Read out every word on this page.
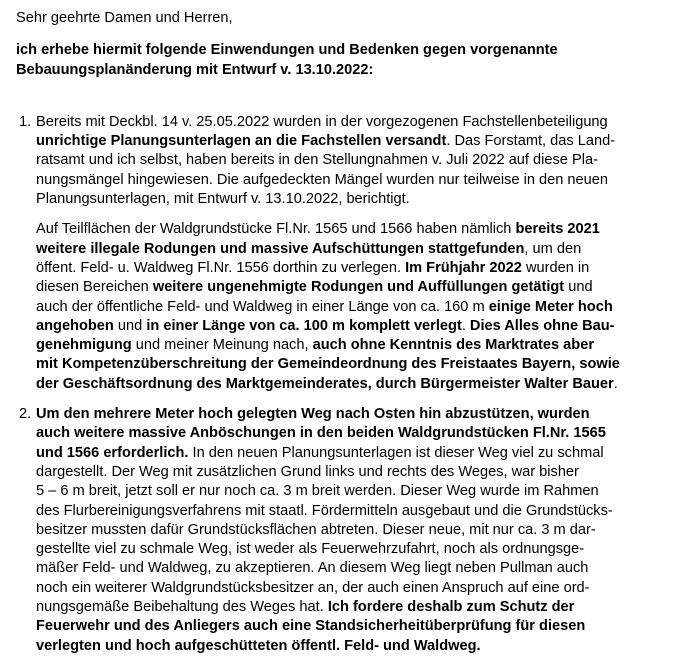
Sehr geehrte Damen und Herren,
ich erhebe hiermit folgende Einwendungen und Bedenken gegen vorgenannte
Bebauungsplanänderung mit Entwurf v. 13.10.2022:
1. Bereits mit Deckbl. 14 v. 25.05.2022 wurden in der vorgezogenen Fachstellenbeteiligung
unrichtige Planungsunterlagen an die Fachstellen versandt. Das Forstamt, das Land-
ratsamt und ich selbst, haben bereits in den Stellungnahmen v. Juli 2022 auf diese Pla-
nungsmängel hingewiesen. Die aufgedeckten Mängel wurden nur teilweise in den neuen
Planungsunterlagen, mit Entwurf v. 13.10.2022, berichtigt.
Auf Teilflächen der Waldgrundstücke Fl.Nr. 1565 und 1566 haben nämlich bereits 2021
weitere illegale Rodungen und massive Aufschüttungen stattgefunden, um den
öffent. Feld- u. Waldweg Fl.Nr. 1556 dorthin zu verlegen. Im Frühjahr 2022 wurden in
diesen Bereichen weitere ungenehmigte Rodungen und Auffüllungen getätigt und
auch der öffentliche Feld- und Waldweg in einer Länge von ca. 160 m einige Meter hoch
angehoben und in einer Länge von ca. 100 m komplett verlegt. Dies Alles ohne Bau-
genehmigung und meiner Meinung nach, auch ohne Kenntnis des Marktrates aber
mit Kompetenzüberschreitung der Gemeindeordnung des Freistaates Bayern, sowie
der Geschäftsordnung des Marktgemeinderates, durch Bürgermeister Walter Bauer.
2. Um den mehrere Meter hoch gelegten Weg nach Osten hin abzustützen, wurden
auch weitere massive Anböschungen in den beiden Waldgrundstücken Fl.Nr. 1565
und 1566 erforderlich. In den neuen Planungsunterlagen ist dieser Weg viel zu schmal
dargestellt. Der Weg mit zusätzlichen Grund links und rechts des Weges, war bisher
5 – 6 m breit, jetzt soll er nur noch ca. 3 m breit werden. Dieser Weg wurde im Rahmen
des Flurbereinigungsverfahrens mit staatl. Fördermitteln ausgebaut und die Grundstücks-
besitzer mussten dafür Grundstücksflächen abtreten. Dieser neue, mit nur ca. 3 m dar-
gestellte viel zu schmale Weg, ist weder als Feuerwehrzufahrt, noch als ordnungsge-
mäßer Feld- und Waldweg, zu akzeptieren. An diesem Weg liegt neben Pullman auch
noch ein weiterer Waldgrundstücksbesitzer an, der auch einen Anspruch auf eine ord-
nungsgemäße Beibehaltung des Weges hat. Ich fordere deshalb zum Schutz der
Feuerwehr und des Anliegers auch eine Standsicherheitüberprüfung für diesen
verlegten und hoch aufgeschütteten öffentl. Feld- und Waldweg.
